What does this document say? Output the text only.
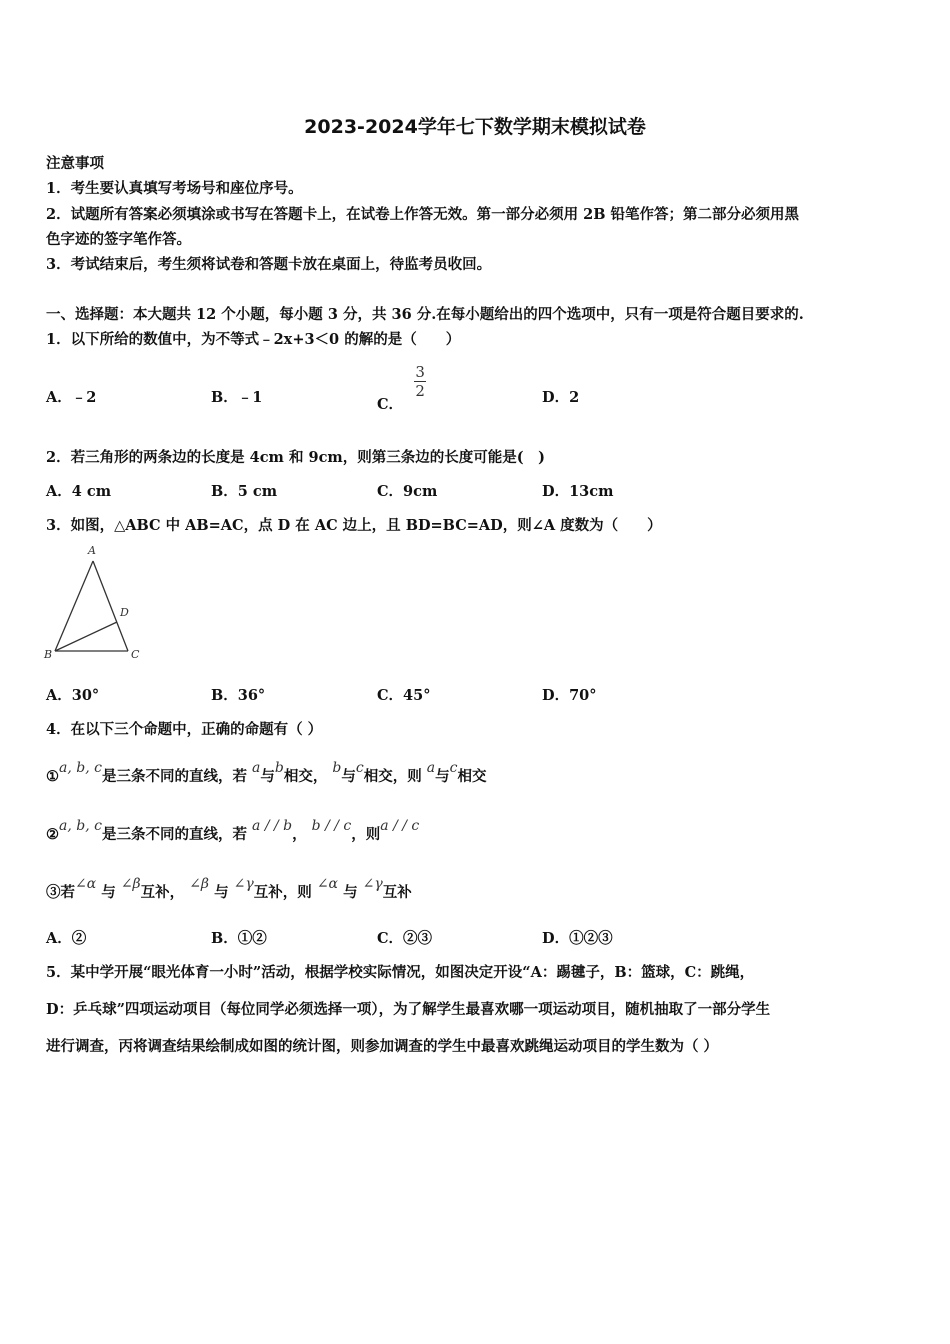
2023-2024学年七下数学期末模拟试卷
注意事项
1．考生要认真填写考场号和座位序号。
2．试题所有答案必须填涂或书写在答题卡上，在试卷上作答无效。第一部分必须用 2B 铅笔作答；第二部分必须用黑
色字迹的签字笔作答。
3．考试结束后，考生须将试卷和答题卡放在桌面上，待监考员收回。
一、选择题：本大题共 12 个小题，每小题 3 分，共 36 分.在每小题给出的四个选项中，只有一项是符合题目要求的.
1．以下所给的数值中，为不等式﹣2x+3＜0 的解的是（　　）
A．﹣2	B．﹣1	C．
$\frac{3}{2}$	D．2
2．若三角形的两条边的长度是 4cm 和 9cm，则第三条边的长度可能是(　)
A．4 cm	B．5 cm	C．9cm	D．13cm
3．如图，△ABC 中 AB=AC，点 D 在 AC 边上，且 BD=BC=AD，则∠A 度数为（　　）
A
B	C
D
A．30°	B．36°	C．45°	D．70°
4．在以下三个命题中，正确的命题有（ ）
①a, b, c是三条不同的直线，若 a与b相交， b与c相交，则 a与c相交
②a, b, c是三条不同的直线，若 a / / b， b / / c，则a / / c
③若∠α 与 ∠β互补， ∠β 与 ∠γ互补，则 ∠α 与 ∠γ互补
A．②	B．①②	C．②③	D．①②③
5．某中学开展“眼光体育一小时”活动，根据学校实际情况，如图决定开设“A：踢毽子，B：篮球，C：跳绳，
D：乒乓球”四项运动项目（每位同学必须选择一项），为了解学生最喜欢哪一项运动项目，随机抽取了一部分学生
进行调查，丙将调查结果绘制成如图的统计图，则参加调查的学生中最喜欢跳绳运动项目的学生数为（ ）
